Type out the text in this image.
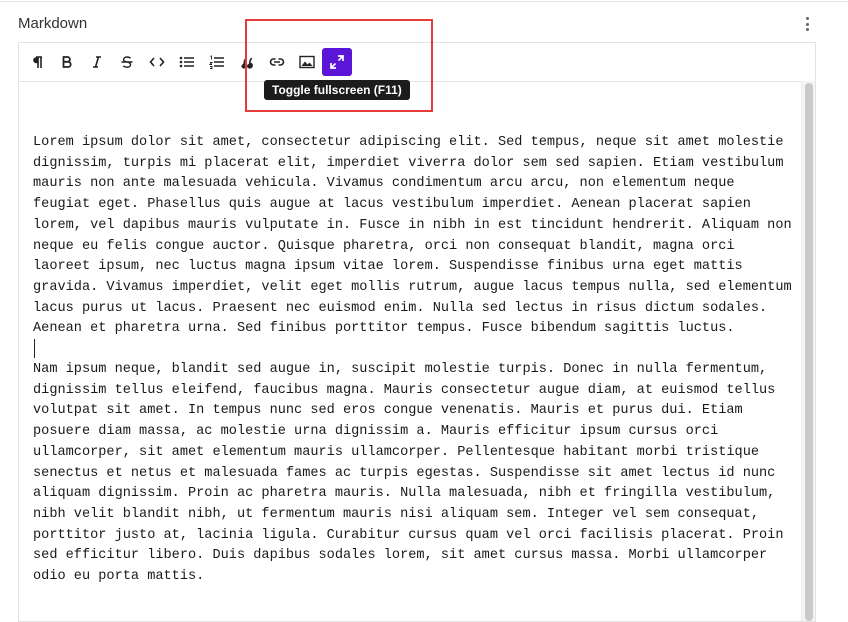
Markdown
Lorem ipsum dolor sit amet, consectetur adipiscing elit. Sed tempus, neque sit amet molestie
dignissim, turpis mi placerat elit, imperdiet viverra dolor sem sed sapien. Etiam vestibulum
mauris non ante malesuada vehicula. Vivamus condimentum arcu arcu, non elementum neque
feugiat eget. Phasellus quis augue at lacus vestibulum imperdiet. Aenean placerat sapien
lorem, vel dapibus mauris vulputate in. Fusce in nibh in est tincidunt hendrerit. Aliquam non
neque eu felis congue auctor. Quisque pharetra, orci non consequat blandit, magna orci
laoreet ipsum, nec luctus magna ipsum vitae lorem. Suspendisse finibus urna eget mattis
gravida. Vivamus imperdiet, velit eget mollis rutrum, augue lacus tempus nulla, sed elementum
lacus purus ut lacus. Praesent nec euismod enim. Nulla sed lectus in risus dictum sodales.
Aenean et pharetra urna. Sed finibus porttitor tempus. Fusce bibendum sagittis luctus.
Nam ipsum neque, blandit sed augue in, suscipit molestie turpis. Donec in nulla fermentum,
dignissim tellus eleifend, faucibus magna. Mauris consectetur augue diam, at euismod tellus
volutpat sit amet. In tempus nunc sed eros congue venenatis. Mauris et purus dui. Etiam
posuere diam massa, ac molestie urna dignissim a. Mauris efficitur ipsum cursus orci
ullamcorper, sit amet elementum mauris ullamcorper. Pellentesque habitant morbi tristique
senectus et netus et malesuada fames ac turpis egestas. Suspendisse sit amet lectus id nunc
aliquam dignissim. Proin ac pharetra mauris. Nulla malesuada, nibh et fringilla vestibulum,
nibh velit blandit nibh, ut fermentum mauris nisi aliquam sem. Integer vel sem consequat,
porttitor justo at, lacinia ligula. Curabitur cursus quam vel orci facilisis placerat. Proin
sed efficitur libero. Duis dapibus sodales lorem, sit amet cursus massa. Morbi ullamcorper
odio eu porta mattis.
Toggle fullscreen (F11)
